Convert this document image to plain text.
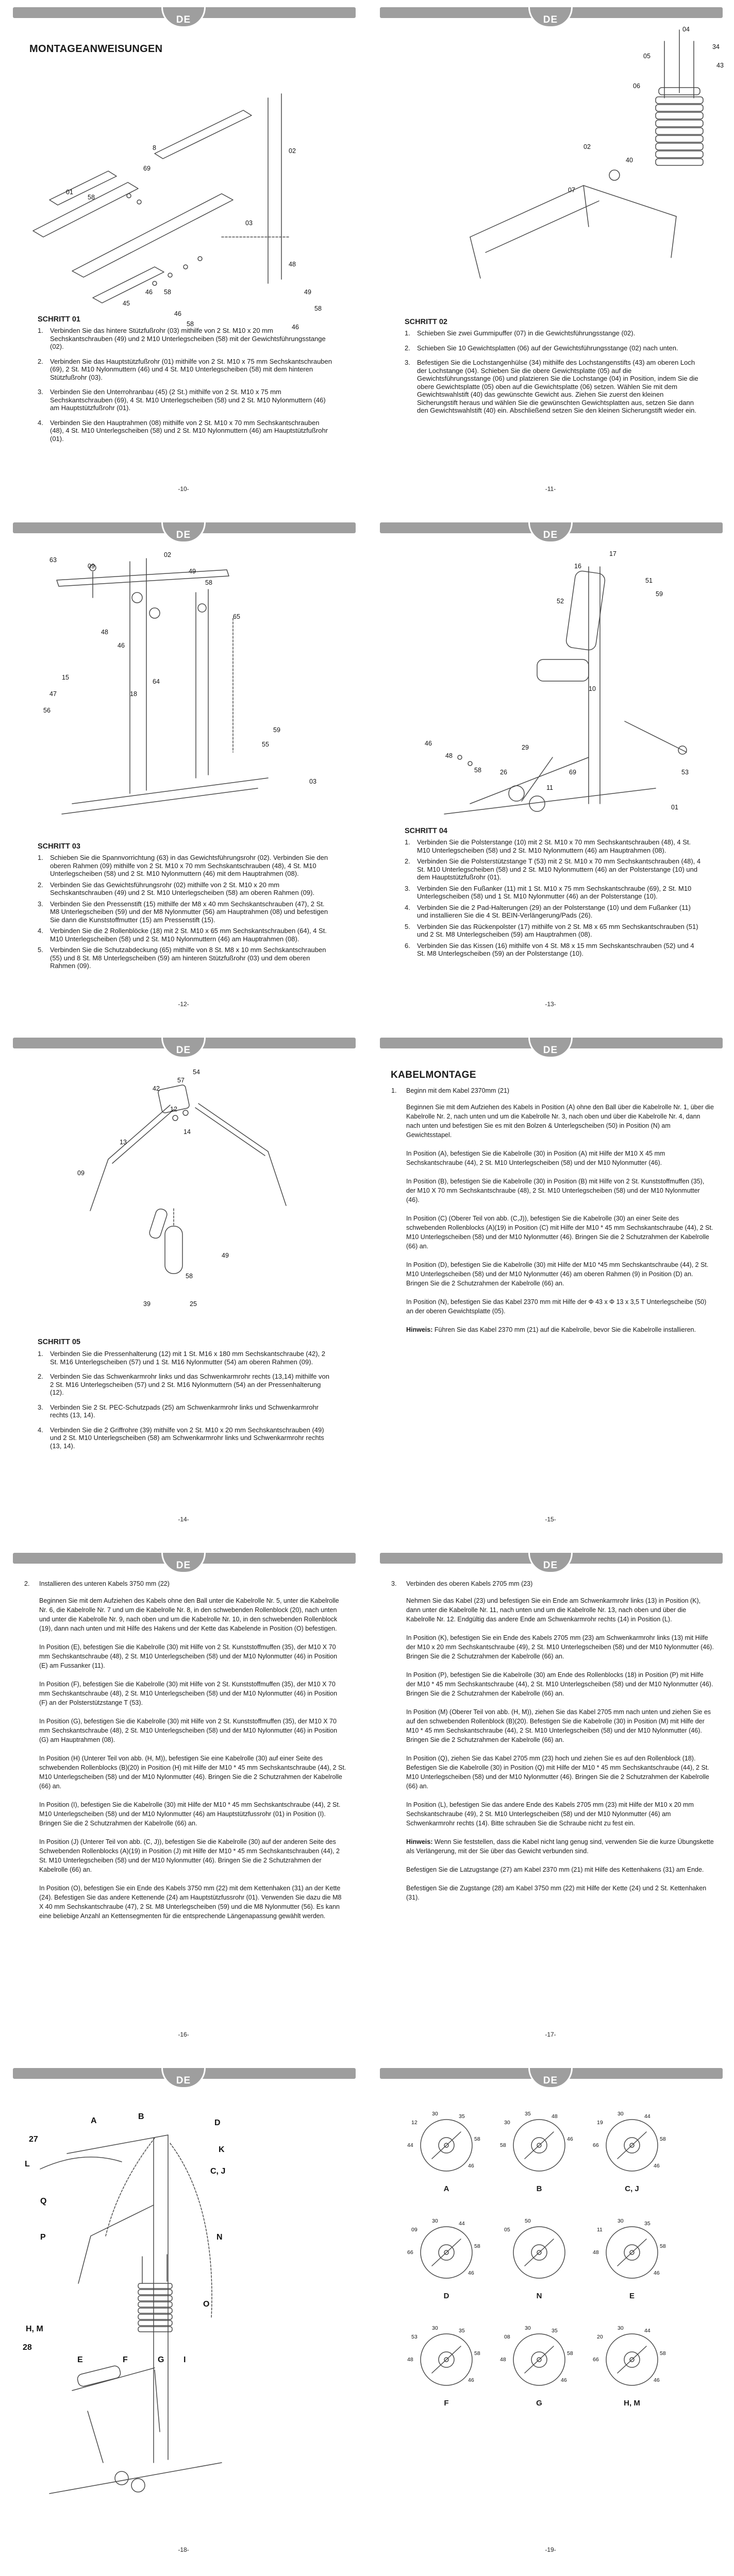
DE
MONTAGEANWEISUNGEN
8
69
01
58
45
46 58
46
58
02
03
48
49
58
46
SCHRITT 01
1.	Verbinden Sie das hintere Stützfußrohr (03) mithilfe von 2 St. M10 x 20 mm Sechskantschrauben (49) und 2 M10 Unterlegscheiben (58) mit der Gewichtsführungsstange (02).
2.	Verbinden Sie das Hauptstützfußrohr (01) mithilfe von 2 St. M10 x 75 mm Sechskantschrauben (69), 2 St. M10 Nylonmuttern (46) und 4 St. M10 Unterlegscheiben (58) mit dem hinteren Stützfußrohr (03).
3.	Verbinden Sie den Unterrohranbau (45) (2 St.) mithilfe von 2 St. M10 x 75 mm Sechskantschrauben (69), 4 St. M10 Unterlegscheiben (58) und 2 St. M10 Nylonmuttern (46) am Hauptstützfußrohr (01).
4.	Verbinden Sie den Hauptrahmen (08) mithilfe von 2 St. M10 x 70 mm Sechskantschrauben (48), 4 St. M10 Unterlegscheiben (58) und 2 St. M10 Nylonmuttern (46) am Hauptstützfußrohr (01).
-10-
DE
04
05
34
43
06
02
40
07
SCHRITT 02
1.	Schieben Sie zwei Gummipuffer (07) in die Gewichtsführungsstange (02).
2.	Schieben Sie 10 Gewichtsplatten (06) auf der Gewichtsführungsstange (02) nach unten.
3.	Befestigen Sie die Lochstangenhülse (34) mithilfe des Lochstangenstifts (43) am oberen Loch der Lochstange (04). Schieben Sie die obere Gewichtsplatte (05) auf die Gewichtsführungsstange (06) und platzieren Sie die Lochstange (04) in Position, indem Sie die obere Gewichtsplatte (05) oben auf die Gewichtsplatte (06) setzen. Wählen Sie mit dem Gewichtswahlstift (40) das gewünschte Gewicht aus. Ziehen Sie zuerst den kleinen Sicherungstift heraus und wählen Sie die gewünschten Gewichtsplatten aus, setzen Sie dann den Gewichtswahlstift (40) ein. Abschließend setzen Sie den kleinen Sicherungstift wieder ein.
-11-
DE
63
09
02
49
58
65
15
47
56
18
64
48
46
55
59
03
SCHRITT 03
1.	Schieben Sie die Spannvorrichtung (63) in das Gewichtsführungsrohr (02). Verbinden Sie den oberen Rahmen (09) mithilfe von 2 St. M10 x 70 mm Sechskantschrauben (48), 4 St. M10 Unterlegscheiben (58) und 2 St. M10 Nylonmuttern (46) mit dem Hauptrahmen (08).
2.	Verbinden Sie das Gewichtsführungsrohr (02) mithilfe von 2 St. M10 x 20 mm Sechskantschrauben (49) und 2 St. M10 Unterlegscheiben (58) am oberen Rahmen (09).
3.	Verbinden Sie den Pressenstift (15) mithilfe der M8 x 40 mm Sechskantschrauben (47), 2 St. M8 Unterlegscheiben (59) und der M8 Nylonmutter (56) am Hauptrahmen (08) und befestigen Sie dann die Kunststoffmutter (15) am Pressenstift (15).
4.	Verbinden Sie die 2 Rollenblöcke (18) mit 2 St. M10 x 65 mm Sechskantschrauben (64), 4 St. M10 Unterlegscheiben (58) und 2 St. M10 Nylonmuttern (46) am Hauptrahmen (08).
5.	Verbinden Sie die Schutzabdeckung (65) mithilfe von 8 St. M8 x 10 mm Sechskantschrauben (55) und 8 St. M8 Unterlegscheiben (59) am hinteren Stützfußrohr (03) und dem oberen Rahmen (09).
-12-
DE
17
16
51
59
52
10
48
58
46
29
26
11
69	53
01
SCHRITT 04
1.	Verbinden Sie die Polsterstange (10) mit 2 St. M10 x 70 mm Sechskantschrauben (48), 4 St. M10 Unterlegscheiben (58) und 2 St. M10 Nylonmuttern (46) am Hauptrahmen (08).
2.	Verbinden Sie die Polsterstützstange T (53) mit 2 St. M10 x 70 mm Sechskantschrauben (48), 4 St. M10 Unterlegscheiben (58) und 2 St. M10 Nylonmuttern (46) an der Polsterstange (10) und dem Hauptstützfußrohr (01).
3.	Verbinden Sie den Fußanker (11) mit 1 St. M10 x 75 mm Sechskantschraube (69), 2 St. M10 Unterlegscheiben (58) und 1 St. M10 Nylonmutter (46) an der Polsterstange (10).
4.	Verbinden Sie die 2 Pad-Halterungen (29) an der Polsterstange (10) und dem Fußanker (11) und installieren Sie die 4 St. BEIN-Verlängerung/Pads (26).
5.	Verbinden Sie das Rückenpolster (17) mithilfe von 2 St. M8 x 65 mm Sechskantschrauben (51) und 2 St. M8 Unterlegscheiben (59) am Hauptrahmen (08).
6.	Verbinden Sie das Kissen (16) mithilfe von 4 St. M8 x 15 mm Sechskantschrauben (52) und 4 St. M8 Unterlegscheiben (59) an der Polsterstange (10).
-13-
DE
57
54
42
12
13
14
09
49
58
39	25
SCHRITT 05
1.	Verbinden Sie die Pressenhalterung (12) mit 1 St. M16 x 180 mm Sechskantschraube (42), 2 St. M16 Unterlegscheiben (57) und 1 St. M16 Nylonmutter (54) am oberen Rahmen (09).
2.	Verbinden Sie das Schwenkarmrohr links und das Schwenkarmrohr rechts (13,14) mithilfe von 2 St. M16 Unterlegscheiben (57) und 2 St. M16 Nylonmuttern (54) an der Pressenhalterung (12).
3.	Verbinden Sie 2 St. PEC-Schutzpads (25) am Schwenkarmrohr links und Schwenkarmrohr rechts (13, 14).
4.	Verbinden Sie die 2 Griffrohre (39) mithilfe von 2 St. M10 x 20 mm Sechskantschrauben (49) und 2 St. M10 Unterlegscheiben (58) am Schwenkarmrohr links und Schwenkarmrohr rechts (13, 14).
-14-
DE
KABELMONTAGE
1.	Beginn mit dem Kabel 2370mm (21)

Beginnen Sie mit dem Aufziehen des Kabels in Position (A) ohne den Ball über die Kabelrolle Nr. 1, über die Kabelrolle Nr. 2, nach unten und um die Kabelrolle Nr. 3, nach oben und über die Kabelrolle Nr. 4, dann nach unten und befestigen Sie es mit den Bolzen & Unterlegscheiben (50) in Position (N) am Gewichtsstapel.

In Position (A), befestigen Sie die Kabelrolle (30) in Position (A) mit Hilfe der M10 X 45 mm Sechskantschraube (44), 2 St. M10 Unterlegscheiben (58) und der M10 Nylonmutter (46).

In Position (B), befestigen Sie die Kabelrolle (30) in Position (B) mit Hilfe von 2 St. Kunststoffmuffen (35), der M10 X 70 mm Sechskantschraube (48), 2 St. M10 Unterlegscheiben (58) und der M10 Nylonmutter (46).

In Position (C) (Oberer Teil von abb. (C,J)), befestigen Sie die Kabelrolle (30) an einer Seite des schwebenden Rollenblocks (A)(19) in Position (C) mit Hilfe der M10 * 45 mm Sechskantschraube (44), 2 St. M10 Unterlegscheiben (58) und der M10 Nylonmutter (46). Bringen Sie die 2 Schutzrahmen der Kabelrolle (66) an.

In Position (D), befestigen Sie die Kabelrolle (30) mit Hilfe der M10 *45 mm Sechskantschraube (44), 2 St. M10 Unterlegscheiben (58) und der M10 Nylonmutter (46) am oberen Rahmen (9) in Position (D) an. Bringen Sie die 2 Schutzrahmen der Kabelrolle (66) an.

In Position (N), befestigen Sie das Kabel 2370 mm mit Hilfe der Φ 43 x Φ 13 x 3,5 T Unterlegscheibe (50) an der oberen Gewichtsplatte (05).

Hinweis: Führen Sie das Kabel 2370 mm (21) auf die Kabelrolle, bevor Sie die Kabelrolle installieren.

-15-
DE
2.	Installieren des unteren Kabels 3750 mm (22)

Beginnen Sie mit dem Aufziehen des Kabels ohne den Ball unter die Kabelrolle Nr. 5, unter die Kabelrolle Nr. 6, die Kabelrolle Nr. 7 und um die Kabelrolle Nr. 8, in den schwebenden Rollenblock (20), nach unten und unter die Kabelrolle Nr. 9, nach oben und um die Kabelrolle Nr. 10, in den schwebenden Rollenblock (19), dann nach unten und mit Hilfe des Hakens und der Kette das Kabelende in Position (O) befestigen.

In Position (E), befestigen Sie die Kabelrolle (30) mit Hilfe von 2 St. Kunststoffmuffen (35), der M10 X 70 mm Sechskantschraube (48), 2 St. M10 Unterlegscheiben (58) und der M10 Nylonmutter (46) in Position (E) am Fussanker (11).

In Position (F), befestigen Sie die Kabelrolle (30) mit Hilfe von 2 St. Kunststoffmuffen (35), der M10 X 70 mm Sechskantschraube (48), 2 St. M10 Unterlegscheiben (58) und der M10 Nylonmutter (46) in Position (F) an der Polsterstützstange T (53).

In Position (G), befestigen Sie die Kabelrolle (30) mit Hilfe von 2 St. Kunststoffmuffen (35), der M10 X 70 mm Sechskantschraube (48), 2 St. M10 Unterlegscheiben (58) und der M10 Nylonmutter (46) in Position (G) am Hauptrahmen (08).

In Position (H) (Unterer Teil von abb. (H, M)), befestigen Sie eine Kabelrolle (30) auf einer Seite des schwebenden Rollenblocks (B)(20) in Position (H) mit Hilfe der M10 * 45 mm Sechskantschraube (44), 2 St. M10 Unterlegscheiben (58) und der M10 Nylonmutter (46). Bringen Sie die 2 Schutzrahmen der Kabelrolle (66) an.

In Position (I), befestigen Sie die Kabelrolle (30) mit Hilfe der M10 * 45 mm Sechskantschraube (44), 2 St. M10 Unterlegscheiben (58) und der M10 Nylonmutter (46) am Hauptstützfussrohr (01) in Position (I). Bringen Sie die 2 Schutzrahmen der Kabelrolle (66) an.

In Position (J) (Unterer Teil von abb. (C, J)), befestigen Sie die Kabelrolle (30) auf der anderen Seite des Schwebenden Rollenblocks (A)(19) in Position (J) mit Hilfe der M10 * 45 mm Sechskantschrauben (44), 2 St. M10 Unterlegscheiben (58) und der M10 Nylonmutter (46). Bringen Sie die 2 Schutzrahmen der Kabelrolle (66) an.

In Position (O), befestigen Sie ein Ende des Kabels 3750 mm (22) mit dem Kettenhaken (31) an der Kette (24). Befestigen Sie das andere Kettenende (24) am Hauptstützfussrohr (01). Verwenden Sie dazu die M8 X 40 mm Sechskantschraube (47), 2 St. M8 Unterlegscheiben (59) und die M8 Nylonmutter (56). Es kann eine beliebige Anzahl an Kettensegmenten für die entsprechende Längenapassung gewählt werden.

-16-
DE
3.	Verbinden des oberen Kabels 2705 mm (23)

Nehmen Sie das Kabel (23) und befestigen Sie ein Ende am Schwenkarmrohr links (13) in Position (K), dann unter die Kabelrolle Nr. 11, nach unten und um die Kabelrolle Nr. 13, nach oben und über die Kabelrolle Nr. 12. Endgültig das andere Ende am Schwenkarmrohr rechts (14) in Position (L).

In Position (K), befestigen Sie ein Ende des Kabels 2705 mm (23) am Schwenkarmrohr links (13) mit Hilfe der M10 x 20 mm Sechskantschraube (49), 2 St. M10 Unterlegscheiben (58) und der M10 Nylonmutter (46). Bringen Sie die 2 Schutzrahmen der Kabelrolle (66) an.

In Position (P), befestigen Sie die Kabelrolle (30) am Ende des Rollenblocks (18) in Position (P) mit Hilfe der M10 * 45 mm Sechskantschraube (44), 2 St. M10 Unterlegscheiben (58) und der M10 Nylonmutter (46). Bringen Sie die 2 Schutzrahmen der Kabelrolle (66) an.

In Position (M) (Oberer Teil von abb. (H, M)), ziehen Sie das Kabel 2705 mm nach unten und ziehen Sie es auf den schwebenden Rollenblock (B)(20). Befestigen Sie die Kabelrolle (30) in Position (M) mit Hilfe der M10 * 45 mm Sechskantschraube (44), 2 St. M10 Unterlegscheiben (58) und der M10 Nylonmutter (46). Bringen Sie die 2 Schutzrahmen der Kabelrolle (66) an.

In Position (Q), ziehen Sie das Kabel 2705 mm (23) hoch und ziehen Sie es auf den Rollenblock (18). Befestigen Sie die Kabelrolle (30) in Position (Q) mit Hilfe der M10 * 45 mm Sechskantschraube (44), 2 St. M10 Unterlegscheiben (58) und der M10 Nylonmutter (46). Bringen Sie die 2 Schutzrahmen der Kabelrolle (66) an.

In Position (L), befestigen Sie das andere Ende des Kabels 2705 mm (23) mit Hilfe der M10 x 20 mm Sechskantschraube (49), 2 St. M10 Unterlegscheiben (58) und der M10 Nylonmutter (46) am Schwenkarmrohr rechts (14). Bitte schrauben Sie die Schraube nicht zu fest ein.

Hinweis: Wenn Sie feststellen, dass die Kabel nicht lang genug sind, verwenden Sie die kurze Übungskette als Verlängerung, mit der Sie über das Gewicht verbunden sind.

Befestigen Sie die Latzugstange (27) am Kabel 2370 mm (21) mit Hilfe des Kettenhakens (31) am Ende.

Befestigen Sie die Zugstange (28) am Kabel 3750 mm (22) mit Hilfe der Kette (24) und 2 St. Kettenhaken (31).

-17-
DE
A	B
D
K
C, J
L
Q
P	N
O
H, M
27
28
E	F	G I
-18-
DE
12
30	35
44
58
46
A
30
35	48
58
46
B
19
30	44
66
58
46
C, J
09
30	44
66
58
46
D
05
50
N
11
30	35
48
58
46
E
53
30	35
48
58
46
F
08
30	35
48
58
46
G
20
30	44
66
58
46
H, M
-19-
